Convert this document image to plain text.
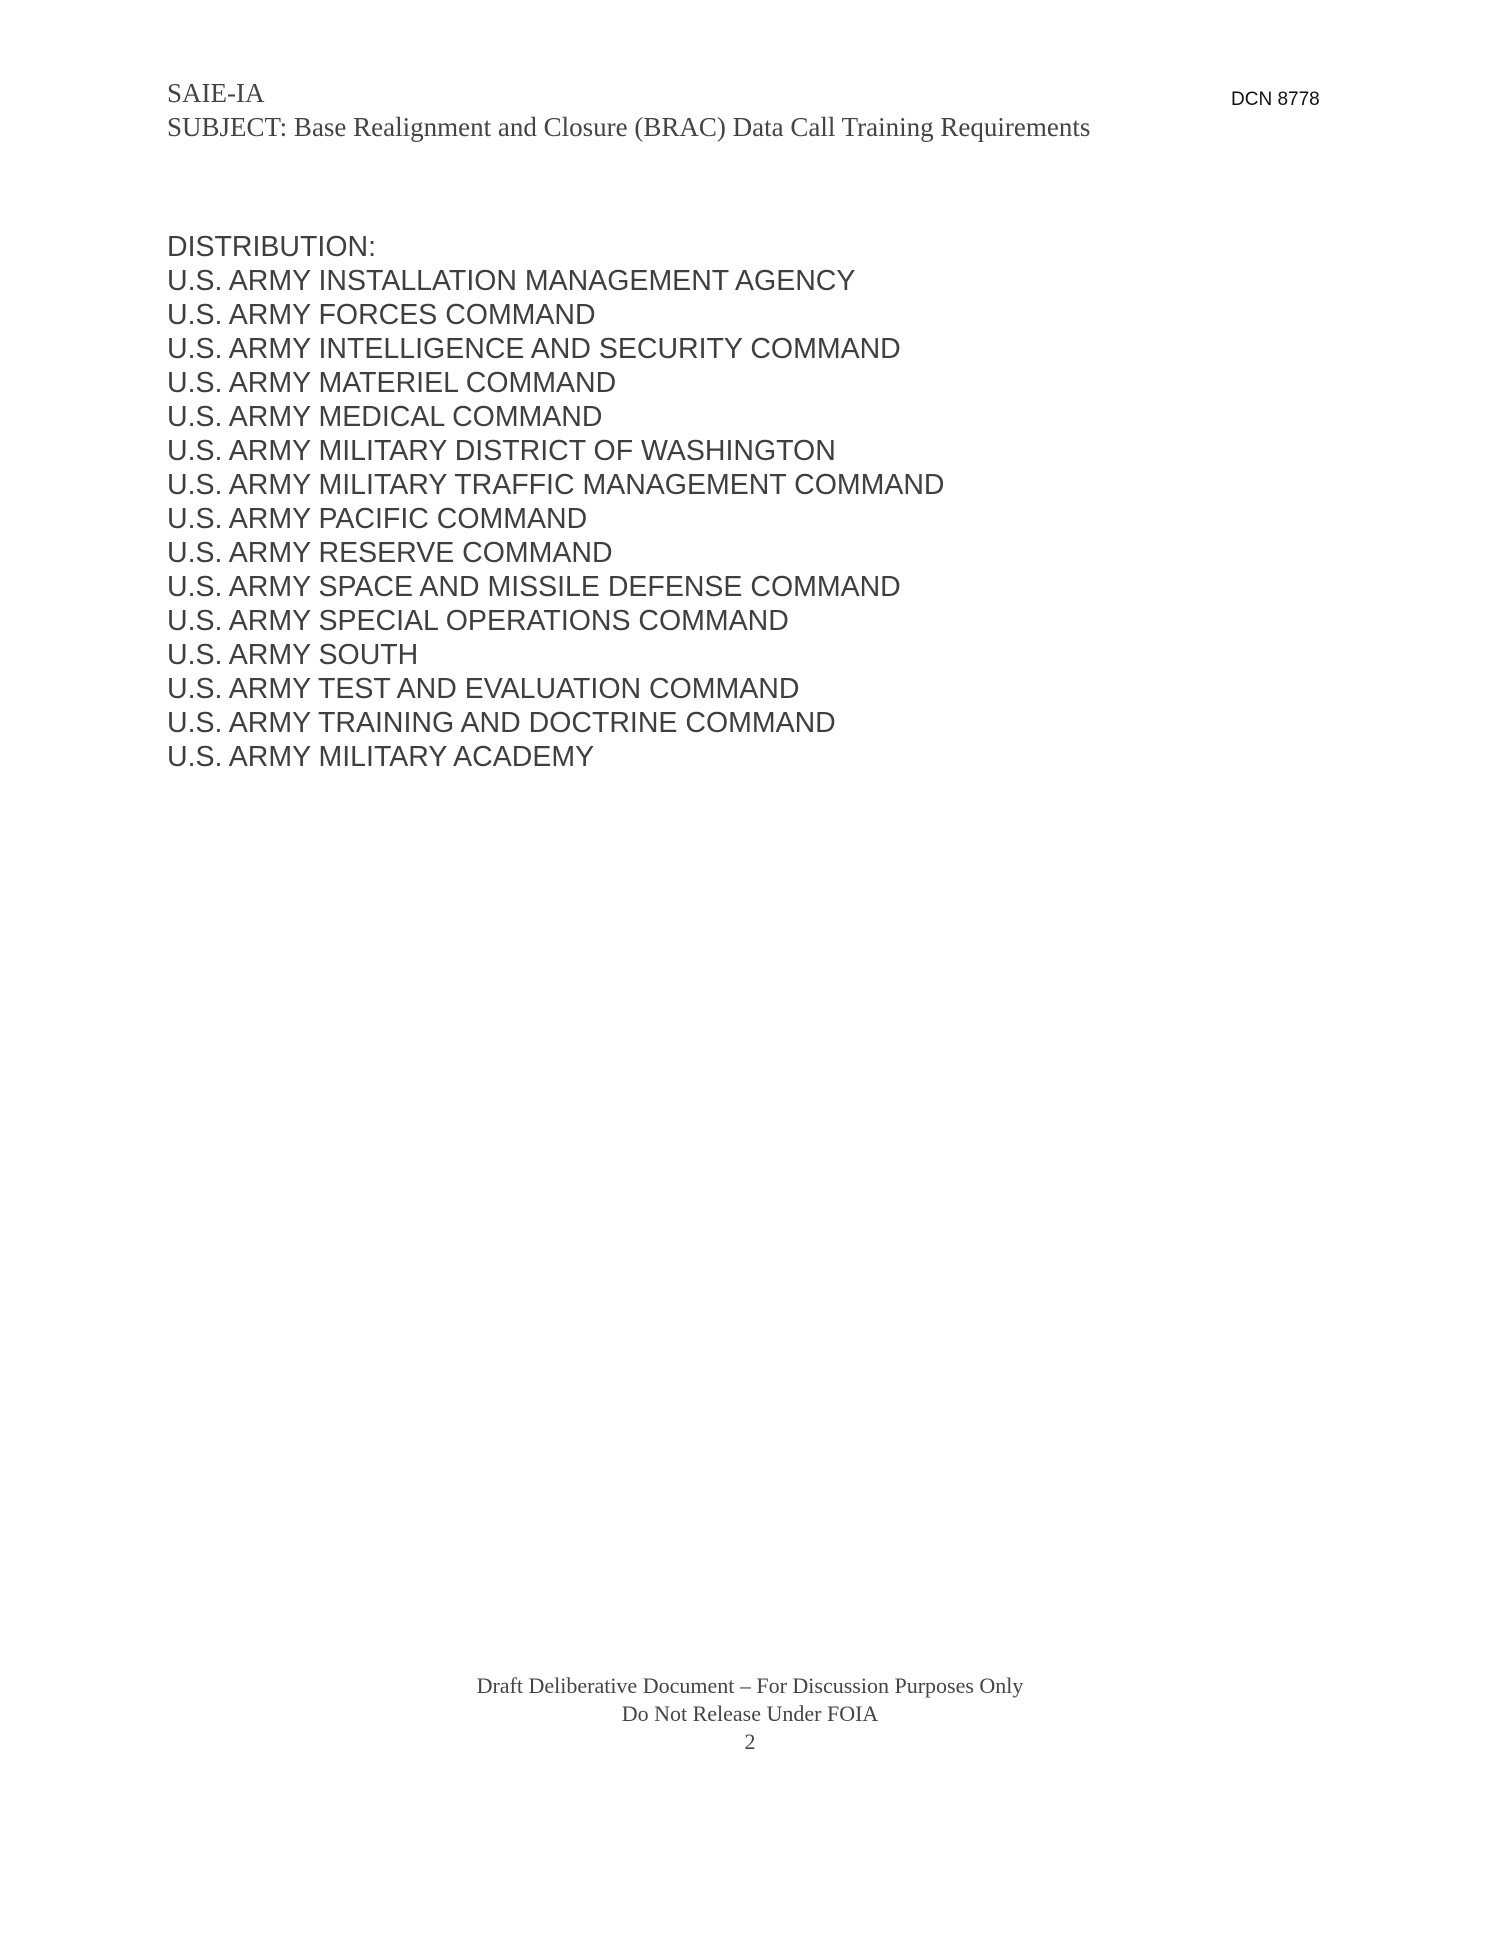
SAIE-IA
SUBJECT: Base Realignment and Closure (BRAC) Data Call Training Requirements
DCN 8778
DISTRIBUTION:
U.S. ARMY INSTALLATION MANAGEMENT AGENCY
U.S. ARMY FORCES COMMAND
U.S. ARMY INTELLIGENCE AND SECURITY COMMAND
U.S. ARMY MATERIEL COMMAND
U.S. ARMY MEDICAL COMMAND
U.S. ARMY MILITARY DISTRICT OF WASHINGTON
U.S. ARMY MILITARY TRAFFIC MANAGEMENT COMMAND
U.S. ARMY PACIFIC COMMAND
U.S. ARMY RESERVE COMMAND
U.S. ARMY SPACE AND MISSILE DEFENSE COMMAND
U.S. ARMY SPECIAL OPERATIONS COMMAND
U.S. ARMY SOUTH
U.S. ARMY TEST AND EVALUATION COMMAND
U.S. ARMY TRAINING AND DOCTRINE COMMAND
U.S. ARMY MILITARY ACADEMY
Draft Deliberative Document – For Discussion Purposes Only
Do Not Release Under FOIA
2
